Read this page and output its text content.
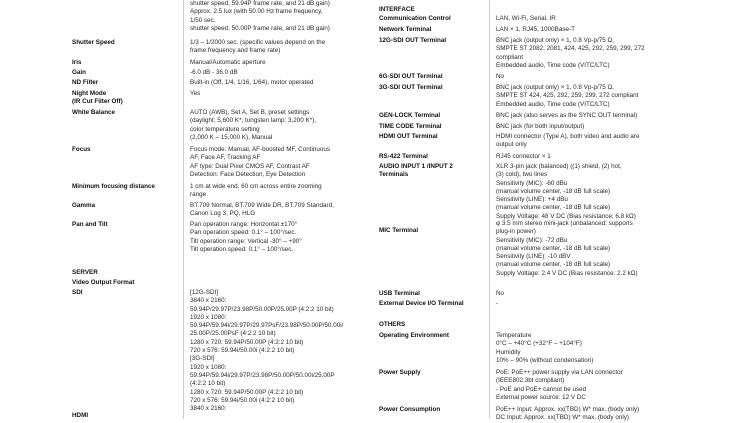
Shutter Speed
Iris
Gain
ND Filter
Night Mode
(IR Cut Filter Off)
White Balance
Focus
Minimum focusing distance
Gamma
Pan and Tilt
SERVER
Video Output Format
SDI
HDMI
shutter speed, 59.94P frame rate, and 21 dB gain)
Approx. 2.5 lux (with 50.00 Hz frame frequency,
1/50 sec.
shutter speed, 50.00P frame rate, and 21 dB gain)
1/3 – 1/2000 sec. (specific values depend on the
frame frequency and frame rate)
Manual/Automatic aperture
-6.0 dB - 36.0 dB
Built-in (Off, 1/4, 1/16, 1/64), motor operated
Yes
AUTO (AWB), Set A, Set B, preset settings
(daylight: 5,600 K*, tungsten lamp: 3,200 K*),
color temperature setting
(2,000 K – 15,000 K), Manual
Focus mode: Manual, AF-boosted MF, Continuous
AF, Face AF, Tracking AF
AF type: Dual Pixel CMOS AF, Contrast AF
Detection: Face Detection, Eye Detection
1 cm at wide end, 60 cm across entire zooming
range
BT.709 Normal, BT.709 Wide DR, BT.709 Standard,
Canon Log 3, PQ, HLG
Pan operation range: Horizontal ±170°
Pan operation speed: 0.1° – 100°/sec.
Tilt operation range: Vertical -30° – +90°
Tilt operation speed: 0.1° – 100°/sec.
[12G-SDI]
3840 x 2160:
59.94P/29.97P/23.98P/50.00P/25.00P (4:2:2 10 bit)
1920 x 1080:
59.94P/59.94i/29.97P/29.97PsF/23.98P/50.00P/50.00i/
25.00P/25.00PsF (4:2:2 10 bit)
1280 x 720: 59.94P/50.00P (4:2:2 10 bit)
720 x 576: 59.94i/50.00i (4:2:2 10 bit)
[3G-SDI]
1920 x 1080:
59.94P/59.94i/29.97P/23.98P/50.00P/50.00i/25.00P
(4:2:2 10 bit)
1280 x 720: 59.94P/50.00P (4:2:2 10 bit)
720 x 576: 59.94i/50.00i (4:2:2 10 bit)
3840 x 2160:
INTERFACE
Communication Control
Network Terminal
12G-SDI OUT Terminal
6G-SDI OUT Terminal
3G-SDI OUT Terminal
GEN-LOCK Terminal
TIME CODE Terminal
HDMI OUT Terminal
RS-422 Terminal
AUDIO INPUT 1 /INPUT 2
Terminals
MIC Terminal
USB Terminal
External Device I/O Terminal
OTHERS
Operating Environment
Power Supply
Power Consumption
LAN, Wi-Fi, Serial, IR
LAN × 1, RJ45, 1000Base-T
BNC jack (output only) × 1, 0.8 Vp-p/75 Ω,
SMPTE ST 2082, 2081, 424, 425, 292, 259, 299, 272
compliant
Embedded audio, Time code (VITC/LTC)
No
BNC jack (output only) × 1, 0.8 Vp-p/75 Ω,
SMPTE ST 424, 425, 292, 259, 299, 272 compliant
Embedded audio, Time code (VITC/LTC)
BNC jack (also serves as the SYNC OUT terminal)
BNC jack (for both input/output)
HDMI connector (Type A), both video and audio are
output only
RJ45 connector × 1
XLR 3-pin jack (balanced) ((1) shield, (2) hot,
(3) cold), two lines
Sensitivity (MIC): -60 dBu
(manual volume center, -18 dB full scale)
Sensitivity (LINE): +4 dBu
(manual volume center, -18 dB full scale)
Supply Voltage: 48 V DC (Bias resistance: 6.8 kΩ)
φ 3.5 mm stereo mini-jack (unbalanced: supports
plug-in power)
Sensitivity (MIC): -72 dBu
(manual volume center, -18 dB full scale)
Sensitivity (LINE): -10 dBV
(manual volume center, -18 dB full scale)
Supply Voltage: 2.4 V DC (Bias resistance: 2.2 kΩ)
No
-
Temperature
0°C – +40°C (+32°F – +104°F)
Humidity
10% – 90% (without condensation)
PoE: PoE++ power supply via LAN connector
(IEEE802.3bt compliant)
- PoE and PoE+ cannot be used
External power source: 12 V DC
PoE++ Input: Approx. xx(TBD) W* max. (body only)
DC Input: Approx. xx(TBD) W* max. (body only)
